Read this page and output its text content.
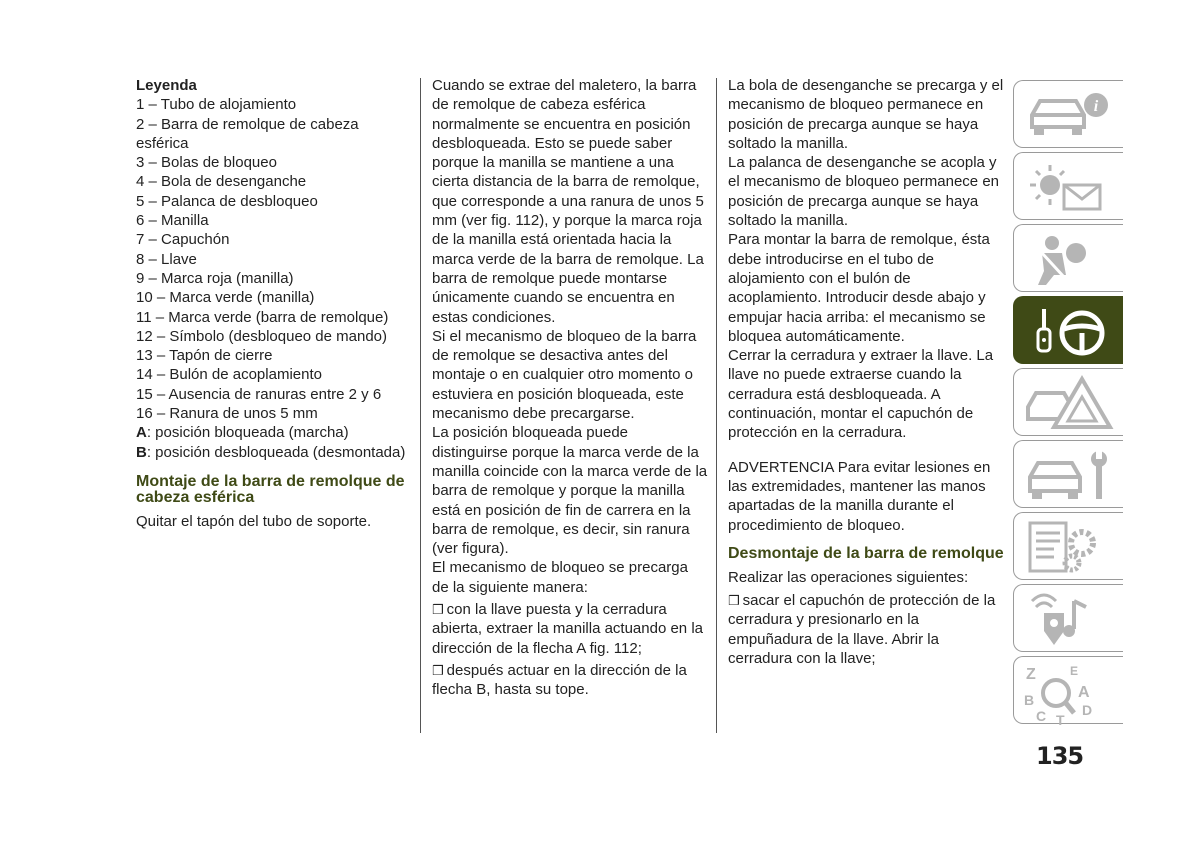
Leyenda

1 – Tubo de alojamiento

2 – Barra de remolque de cabeza esférica

3 – Bolas de bloqueo

4 – Bola de desenganche

5 – Palanca de desbloqueo

6 – Manilla

7 – Capuchón

8 – Llave

9 – Marca roja (manilla)

10 – Marca verde (manilla)

11 – Marca verde (barra de remolque)

12 – Símbolo (desbloqueo de mando)

13 – Tapón de cierre

14 – Bulón de acoplamiento

15 – Ausencia de ranuras entre 2 y 6

16 – Ranura de unos 5 mm

A: posición bloqueada (marcha)

B: posición desbloqueada (desmontada)

Montaje de la barra de remolque de cabeza esférica

Quitar el tapón del tubo de soporte.

Cuando se extrae del maletero, la barra de remolque de cabeza esférica normalmente se encuentra en posición desbloqueada. Esto se puede saber porque la manilla se mantiene a una cierta distancia de la barra de remolque, que corresponde a una ranura de unos 5 mm (ver fig. 112), y porque la marca roja de la manilla está orientada hacia la marca verde de la barra de remolque. La barra de remolque puede montarse únicamente cuando se encuentra en estas condiciones.

Si el mecanismo de bloqueo de la barra de remolque se desactiva antes del montaje o en cualquier otro momento o estuviera en posición bloqueada, este mecanismo debe precargarse.

La posición bloqueada puede distinguirse porque la marca verde de la manilla coincide con la marca verde de la barra de remolque y porque la manilla está en posición de fin de carrera en la barra de remolque, es decir, sin ranura (ver figura).

El mecanismo de bloqueo se precarga de la siguiente manera:

❒ con la llave puesta y la cerradura abierta, extraer la manilla actuando en la dirección de la flecha A fig. 112;

❒ después actuar en la dirección de la flecha B, hasta su tope.

La bola de desenganche se precarga y el mecanismo de bloqueo permanece en posición de precarga aunque se haya soltado la manilla.

La palanca de desenganche se acopla y el mecanismo de bloqueo permanece en posición de precarga aunque se haya soltado la manilla.

Para montar la barra de remolque, ésta debe introducirse en el tubo de alojamiento con el bulón de acoplamiento. Introducir desde abajo y empujar hacia arriba: el mecanismo se bloquea automáticamente.

Cerrar la cerradura y extraer la llave. La llave no puede extraerse cuando la cerradura está desbloqueada. A continuación, montar el capuchón de protección en la cerradura.

ADVERTENCIA Para evitar lesiones en las extremidades, mantener las manos apartadas de la manilla durante el procedimiento de bloqueo.

Desmontaje de la barra de remolque

Realizar las operaciones siguientes:

❒ sacar el capuchón de protección de la cerradura y presionarlo en la empuñadura de la llave. Abrir la cerradura con la llave;

i
Z	E
B	A
C T
D
135
